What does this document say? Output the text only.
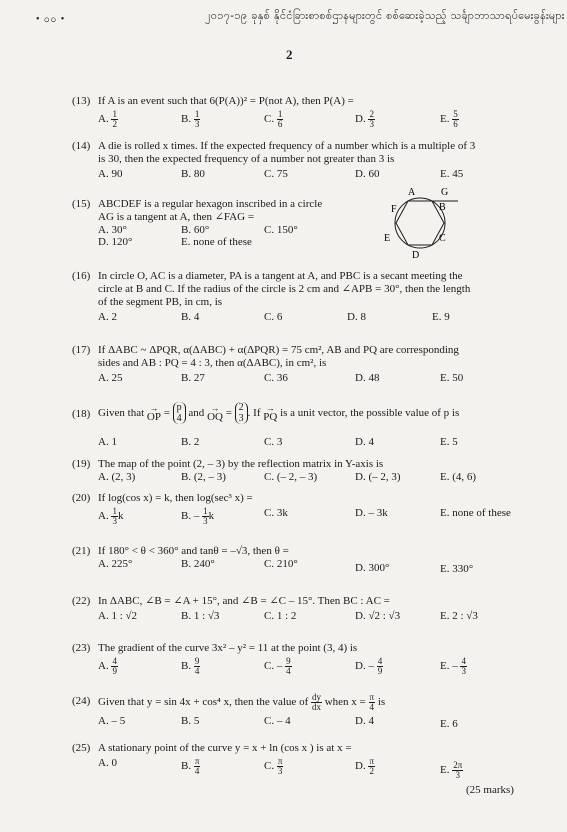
• ၀၀ •	၂၀၁၇-၁၉ ခုနှစ် နိုင်ငံခြားစာစစ်ဌာနများတွင် စစ်ဆေးခဲ့သည့် သင်္ချာဘာသာရပ်မေးခွန်းများ
2
(13) If A is an event such that 6(P(A))² = P(not A), then P(A) =
A. $\frac{1}{2}$	B. $\frac{1}{3}$	C. $\frac{1}{6}$	D. $\frac{2}{3}$	E. $\frac{5}{6}$
(14) A die is rolled x times. If the expected frequency of a number which is a multiple of 3
is 30, then the expected frequency of a number not greater than 3 is
A. 90	B. 80	C. 75	D. 60	E. 45
(15) ABCDEF is a regular hexagon inscribed in a circle
AG is a tangent at A, then ∠FAG =
A. 30°	B. 60°	C. 150°
D. 120°	E. none of these
A	G
B
C
D
E
F
(16) In circle O, AC is a diameter, PA is a tangent at A, and PBC is a secant meeting the
circle at B and C. If the radius of the circle is 2 cm and ∠APB = 30°, then the length
of the segment PB, in cm, is
A. 2	B. 4	C. 6	D. 8	E. 9
(17) If ΔABC ~ ΔPQR, α(ΔABC) + α(ΔPQR) = 75 cm², AB and PQ are corresponding
sides and AB : PQ = 4 : 3, then α(ΔABC), in cm², is
A. 25	B. 27	C. 36	D. 48	E. 50
(18) Given that
→
OP
=
p
4
and
→
OQ
=
2
3 . If
→
PQ
is a unit vector, the possible value of p is
A. 1	B. 2	C. 3	D. 4	E. 5
(19) The map of the point (2, – 3) by the reflection matrix in Y-axis is
A. (2, 3)	B. (2, – 3)	C. (– 2, – 3)	D. (– 2, 3)	E. (4, 6)
(20) If log(cos x) = k, then log(sec³ x) =
A. $\frac{1}{3}$ k	B. – $\frac{1}{3}$ k	C. 3k	D. – 3k	E. none of these
(21) If 180° < θ < 360° and tanθ = –√3, then θ =
A. 225°	B. 240°	C. 210°	D. 300°	E. 330°
(22) In ΔABC, ∠B = ∠A + 15°, and ∠B = ∠C – 15°. Then BC : AC =
A. 1 : √2	B. 1 : √3	C. 1 : 2	D. √2 : √3	E. 2 : √3
(23) The gradient of the curve 3x² – y² = 11 at the point (3, 4) is
A. $\frac{4}{9}$	B. $\frac{9}{4}$	C. – $\frac{9}{4}$	D. – $\frac{4}{9}$	E. – $\frac{4}{3}$
(24) Given that y = sin 4x + cos⁴ x, then the value of
$\frac{dy}{dx}$
when x =
$\frac{\pi}{4}$
is
A. – 5	B. 5	C. – 4	D. 4	E. 6
(25) A stationary point of the curve y = x + ln (cos x ) is at x =
A. 0	B. $\frac{\pi}{4}$	C. $\frac{\pi}{3}$	D. $\frac{\pi}{2}$	E. $\frac{2\pi}{3}$
(25 marks)
